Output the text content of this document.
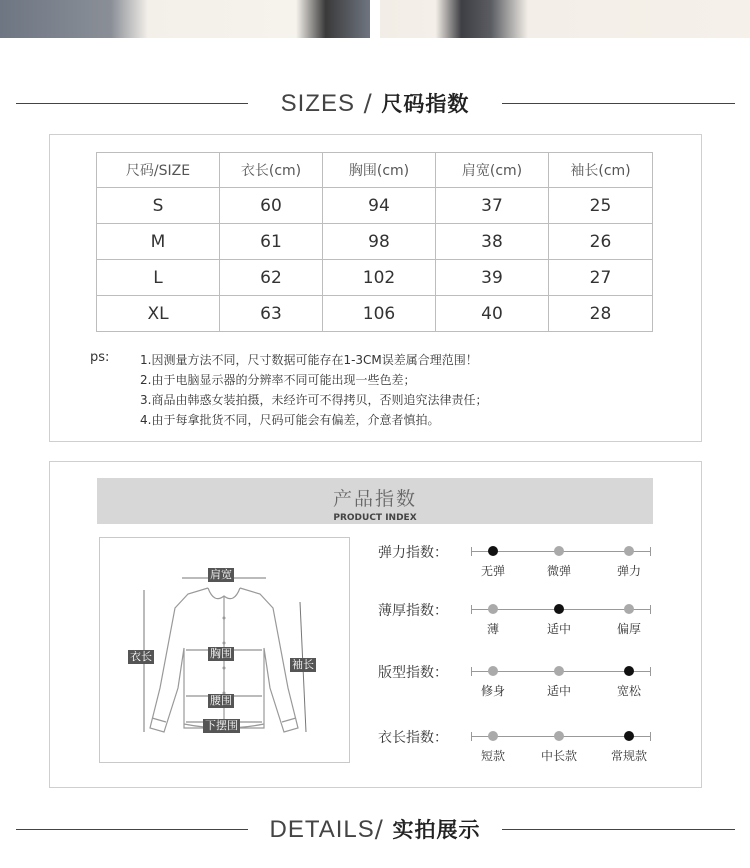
SIZES / 尺码指数
尺码/SIZE	衣长(cm)	胸围(cm)	肩宽(cm)	袖长(cm)
S	60	94	37	25
M	61	98	38	26
L	62	102	39	27
XL	63	106	40	28
ps:	1.因测量方法不同，尺寸数据可能存在1-3CM误差属合理范围！
2.由于电脑显示器的分辨率不同可能出现一些色差；
3.商品由韩惑女装拍摄，未经许可不得拷贝，否则追究法律责任；
4.由于每拿批货不同，尺码可能会有偏差，介意者慎拍。
产品指数
PRODUCT INDEX
肩宽
衣长	胸围
袖长
腰围
下摆围
弹力指数：
无弹	微弹	弹力
薄厚指数：
薄	适中	偏厚
版型指数：
修身	适中	宽松
衣长指数：
短款	中长款	常规款
DETAILS/ 实拍展示
